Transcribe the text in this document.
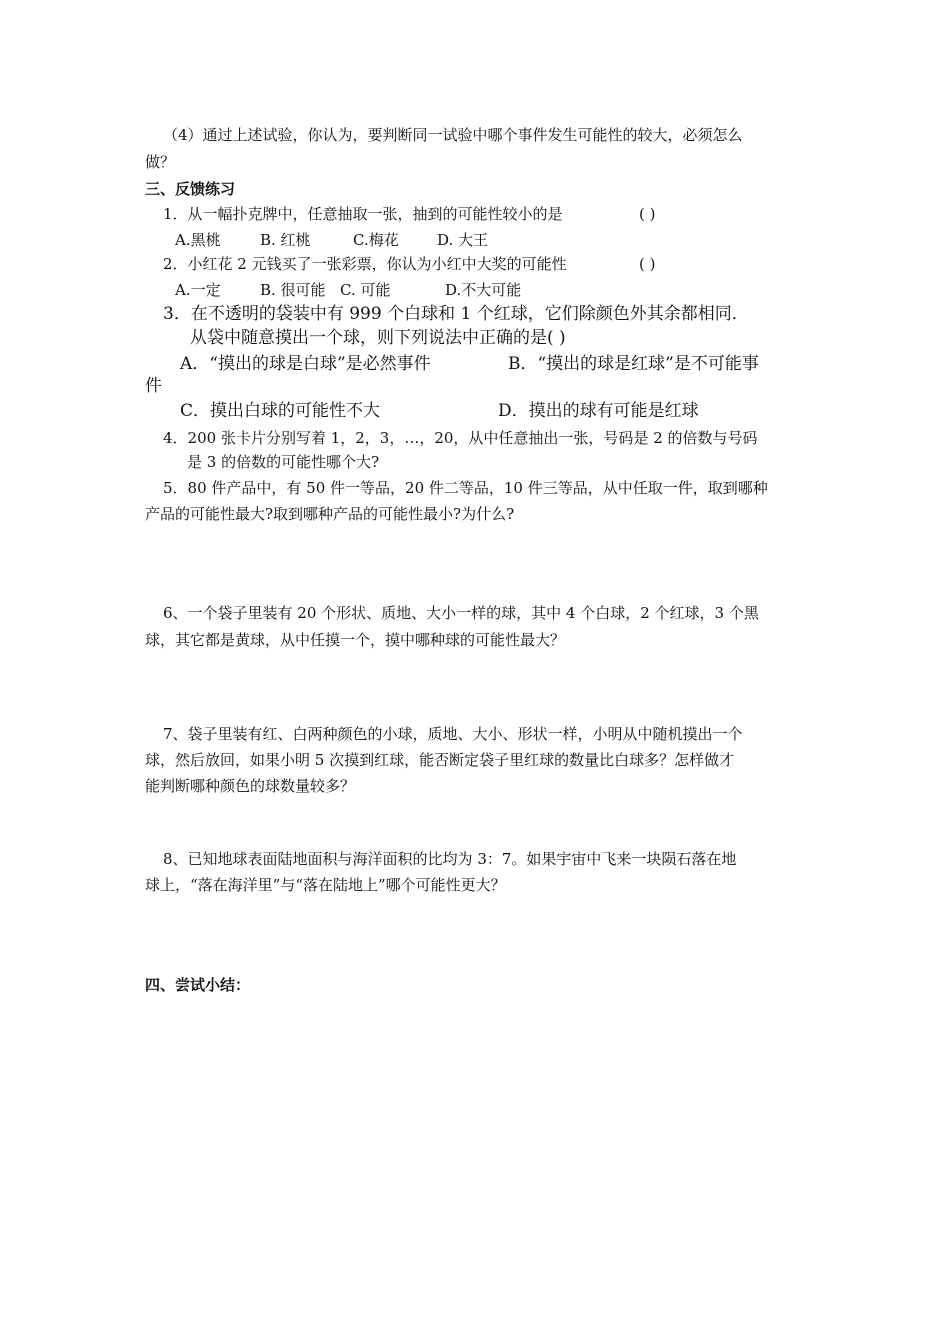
（4）通过上述试验，你认为，要判断同一试验中哪个事件发生可能性的较大，必须怎么

做？

三、反馈练习

1．从一幅扑克牌中，任意抽取一张，抽到的可能性较小的是	( )
A.黑桃	B. 红桃	C.梅花	D. 大王
2．小红花 2 元钱买了一张彩票，你认为小红中大奖的可能性	( )
A.一定	B. 很可能 C. 可能	D.不大可能

3．在不透明的袋装中有 999 个白球和 1 个红球，它们除颜色外其余都相同．

从袋中随意摸出一个球，则下列说法中正确的是( )

A．“摸出的球是白球”是必然事件	B．“摸出的球是红球”是不可能事

件

C．摸出白球的可能性不大	D．摸出的球有可能是红球

4．200 张卡片分别写着 1，2，3，…，20，从中任意抽出一张，号码是 2 的倍数与号码

是 3 的倍数的可能性哪个大?

5．80 件产品中，有 50 件一等品，20 件二等品，10 件三等品，从中任取一件，取到哪种

产品的可能性最大?取到哪种产品的可能性最小?为什么?

6、一个袋子里装有 20 个形状、质地、大小一样的球，其中 4 个白球，2 个红球，3 个黑

球，其它都是黄球，从中任摸一个，摸中哪种球的可能性最大？

7、袋子里装有红、白两种颜色的小球，质地、大小、形状一样，小明从中随机摸出一个

球，然后放回，如果小明 5 次摸到红球，能否断定袋子里红球的数量比白球多？怎样做才

能判断哪种颜色的球数量较多？

8、已知地球表面陆地面积与海洋面积的比均为 3：7。如果宇宙中飞来一块陨石落在地

球上，“落在海洋里”与“落在陆地上”哪个可能性更大？

四、尝试小结：
